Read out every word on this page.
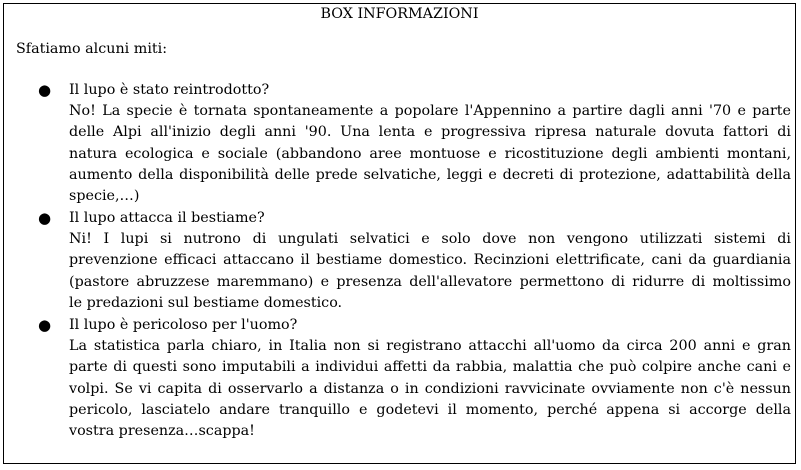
BOX INFORMAZIONI
Sfatiamo alcuni miti:
● Il lupo è stato reintrodotto?
No! La specie è tornata spontaneamente a popolare l'Appennino a partire dagli anni '70 e parte
delle Alpi all'inizio degli anni '90. Una lenta e progressiva ripresa naturale dovuta fattori di
natura ecologica e sociale (abbandono aree montuose e ricostituzione degli ambienti montani,
aumento della disponibilità delle prede selvatiche, leggi e decreti di protezione, adattabilità della
specie,…)
● Il lupo attacca il bestiame?
Ni! I lupi si nutrono di ungulati selvatici e solo dove non vengono utilizzati sistemi di
prevenzione efficaci attaccano il bestiame domestico. Recinzioni elettrificate, cani da guardiania
(pastore abruzzese maremmano) e presenza dell'allevatore permettono di ridurre di moltissimo
le predazioni sul bestiame domestico.
● Il lupo è pericoloso per l'uomo?
La statistica parla chiaro, in Italia non si registrano attacchi all'uomo da circa 200 anni e gran
parte di questi sono imputabili a individui affetti da rabbia, malattia che può colpire anche cani e
volpi. Se vi capita di osservarlo a distanza o in condizioni ravvicinate ovviamente non c'è nessun
pericolo, lasciatelo andare tranquillo e godetevi il momento, perché appena si accorge della
vostra presenza…scappa!
